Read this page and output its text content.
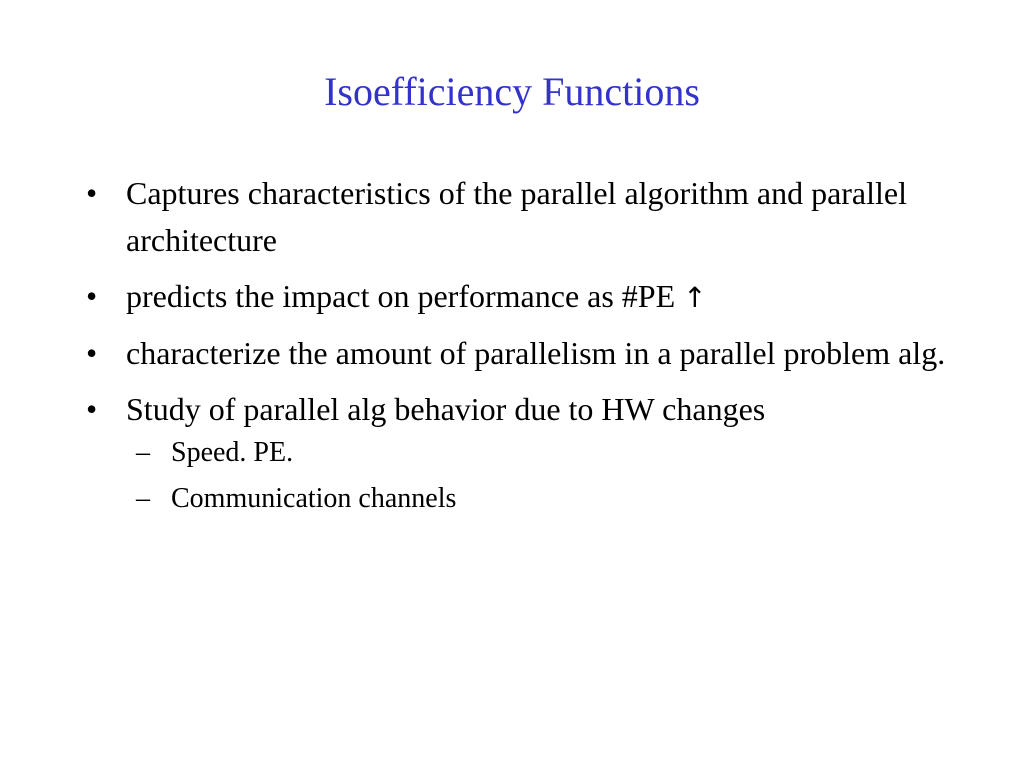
Isoefficiency Functions
• Captures characteristics of the parallel algorithm and parallel architecture
• predicts the impact on performance as #PE ↑
• characterize the amount of parallelism in a parallel problem alg.
• Study of parallel alg behavior due to HW changes
– Speed. PE.
– Communication channels
